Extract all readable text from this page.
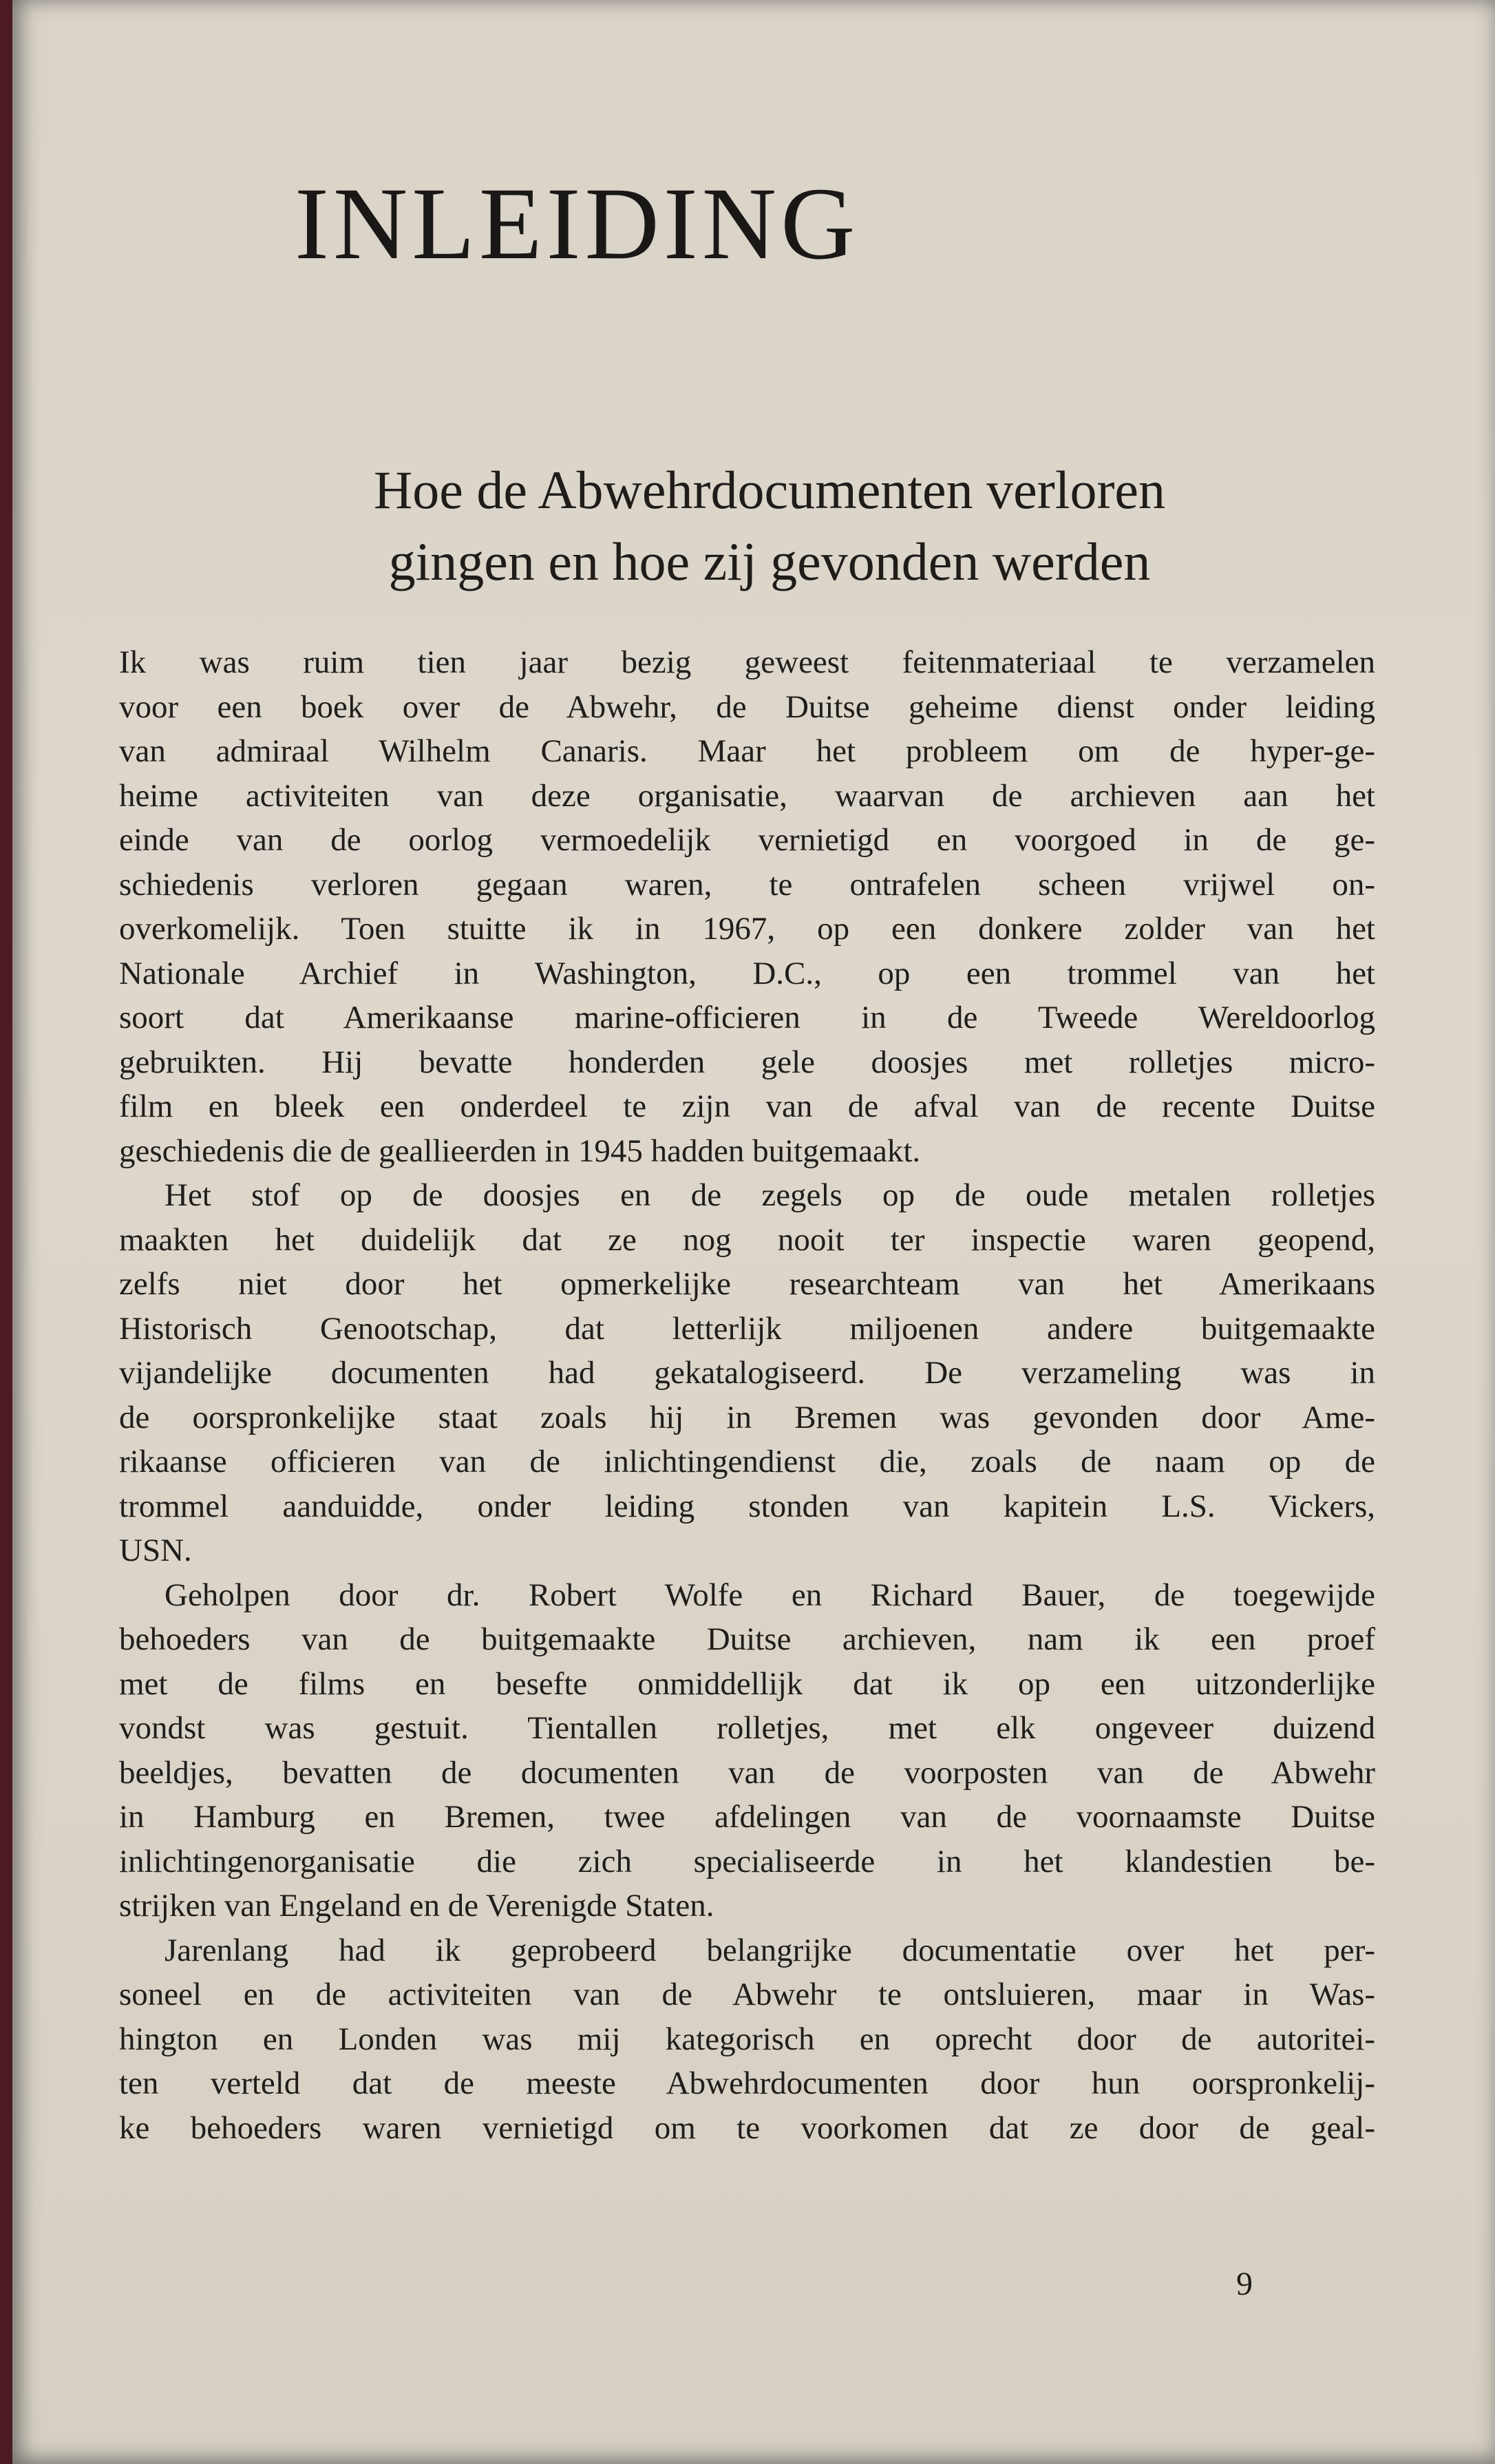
INLEIDING
Hoe de Abwehrdocumenten verloren
gingen en hoe zij gevonden werden

Ik was ruim tien jaar bezig geweest feitenmateriaal te verzamelen
voor een boek over de Abwehr, de Duitse geheime dienst onder leiding
van admiraal Wilhelm Canaris. Maar het probleem om de hyper-ge-
heime activiteiten van deze organisatie, waarvan de archieven aan het
einde van de oorlog vermoedelijk vernietigd en voorgoed in de ge-
schiedenis verloren gegaan waren, te ontrafelen scheen vrijwel on-
overkomelijk. Toen stuitte ik in 1967, op een donkere zolder van het
Nationale Archief in Washington, D.C., op een trommel van het
soort dat Amerikaanse marine-officieren in de Tweede Wereldoorlog
gebruikten. Hij bevatte honderden gele doosjes met rolletjes micro-
film en bleek een onderdeel te zijn van de afval van de recente Duitse
geschiedenis die de geallieerden in 1945 hadden buitgemaakt.

Het stof op de doosjes en de zegels op de oude metalen rolletjes
maakten het duidelijk dat ze nog nooit ter inspectie waren geopend,
zelfs niet door het opmerkelijke researchteam van het Amerikaans
Historisch Genootschap, dat letterlijk miljoenen andere buitgemaakte
vijandelijke documenten had gekatalogiseerd. De verzameling was in
de oorspronkelijke staat zoals hij in Bremen was gevonden door Ame-
rikaanse officieren van de inlichtingendienst die, zoals de naam op de
trommel aanduidde, onder leiding stonden van kapitein L.S. Vickers,
USN.

Geholpen door dr. Robert Wolfe en Richard Bauer, de toegewijde
behoeders van de buitgemaakte Duitse archieven, nam ik een proef
met de films en besefte onmiddellijk dat ik op een uitzonderlijke
vondst was gestuit. Tientallen rolletjes, met elk ongeveer duizend
beeldjes, bevatten de documenten van de voorposten van de Abwehr
in Hamburg en Bremen, twee afdelingen van de voornaamste Duitse
inlichtingenorganisatie die zich specialiseerde in het klandestien be-
strijken van Engeland en de Verenigde Staten.

Jarenlang had ik geprobeerd belangrijke documentatie over het per-
soneel en de activiteiten van de Abwehr te ontsluieren, maar in Was-
hington en Londen was mij kategorisch en oprecht door de autoritei-
ten verteld dat de meeste Abwehrdocumenten door hun oorspronkelij-
ke behoeders waren vernietigd om te voorkomen dat ze door de geal-

9
